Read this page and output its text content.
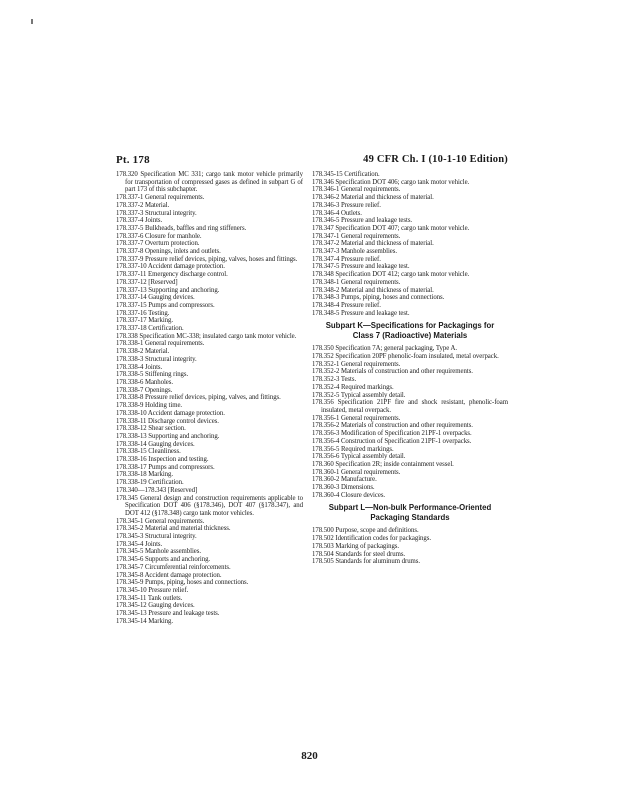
Pt. 178	49 CFR Ch. I (10-1-10 Edition)

178.320 Specification MC 331; cargo tank motor vehicle primarily for transportation of compressed gases as defined in subpart G of part 173 of this subchapter.

178.337-1 General requirements.

178.337-2 Material.

178.337-3 Structural integrity.

178.337-4 Joints.

178.337-5 Bulkheads, baffles and ring stiffeners.

178.337-6 Closure for manhole.

178.337-7 Overturn protection.

178.337-8 Openings, inlets and outlets.

178.337-9 Pressure relief devices, piping, valves, hoses and fittings.

178.337-10 Accident damage protection.

178.337-11 Emergency discharge control.

178.337-12 [Reserved]

178.337-13 Supporting and anchoring.

178.337-14 Gauging devices.

178.337-15 Pumps and compressors.

178.337-16 Testing.

178.337-17 Marking.

178.337-18 Certification.

178.338 Specification MC-338; insulated cargo tank motor vehicle.

178.338-1 General requirements.

178.338-2 Material.

178.338-3 Structural integrity.

178.338-4 Joints.

178.338-5 Stiffening rings.

178.338-6 Manholes.

178.338-7 Openings.

178.338-8 Pressure relief devices, piping, valves, and fittings.

178.338-9 Holding time.

178.338-10 Accident damage protection.

178.338-11 Discharge control devices.

178.338-12 Shear section.

178.338-13 Supporting and anchoring.

178.338-14 Gauging devices.

178.338-15 Cleanliness.

178.338-16 Inspection and testing.

178.338-17 Pumps and compressors.

178.338-18 Marking.

178.338-19 Certification.

178.340—178.343 [Reserved]

178.345 General design and construction requirements applicable to Specification DOT 406 (§178.346), DOT 407 (§178.347), and DOT 412 (§178.348) cargo tank motor vehicles.

178.345-1 General requirements.

178.345-2 Material and material thickness.

178.345-3 Structural integrity.

178.345-4 Joints.

178.345-5 Manhole assemblies.

178.345-6 Supports and anchoring.

178.345-7 Circumferential reinforcements.

178.345-8 Accident damage protection.

178.345-9 Pumps, piping, hoses and connections.

178.345-10 Pressure relief.

178.345-11 Tank outlets.

178.345-12 Gauging devices.

178.345-13 Pressure and leakage tests.

178.345-14 Marking.

178.345-15 Certification.

178.346 Specification DOT 406; cargo tank motor vehicle.

178.346-1 General requirements.

178.346-2 Material and thickness of material.

178.346-3 Pressure relief.

178.346-4 Outlets.

178.346-5 Pressure and leakage tests.

178.347 Specification DOT 407; cargo tank motor vehicle.

178.347-1 General requirements.

178.347-2 Material and thickness of material.

178.347-3 Manhole assemblies.

178.347-4 Pressure relief.

178.347-5 Pressure and leakage test.

178.348 Specification DOT 412; cargo tank motor vehicle.

178.348-1 General requirements.

178.348-2 Material and thickness of material.

178.348-3 Pumps, piping, hoses and connections.

178.348-4 Pressure relief.

178.348-5 Pressure and leakage test.

Subpart K—Specifications for Packagings for Class 7 (Radioactive) Materials

178.350 Specification 7A; general packaging, Type A.

178.352 Specification 20PF phenolic-foam insulated, metal overpack.

178.352-1 General requirements.

178.352-2 Materials of construction and other requirements.

178.352-3 Tests.

178.352-4 Required markings.

178.352-5 Typical assembly detail.

178.356 Specification 21PF fire and shock resistant, phenolic-foam insulated, metal overpack.

178.356-1 General requirements.

178.356-2 Materials of construction and other requirements.

178.356-3 Modification of Specification 21PF-1 overpacks.

178.356-4 Construction of Specification 21PF-1 overpacks.

178.356-5 Required markings.

178.356-6 Typical assembly detail.

178.360 Specification 2R; inside containment vessel.

178.360-1 General requirements.

178.360-2 Manufacture.

178.360-3 Dimensions.

178.360-4 Closure devices.

Subpart L—Non-bulk Performance-Oriented Packaging Standards

178.500 Purpose, scope and definitions.

178.502 Identification codes for packagings.

178.503 Marking of packagings.

178.504 Standards for steel drums.

178.505 Standards for aluminum drums.

820
